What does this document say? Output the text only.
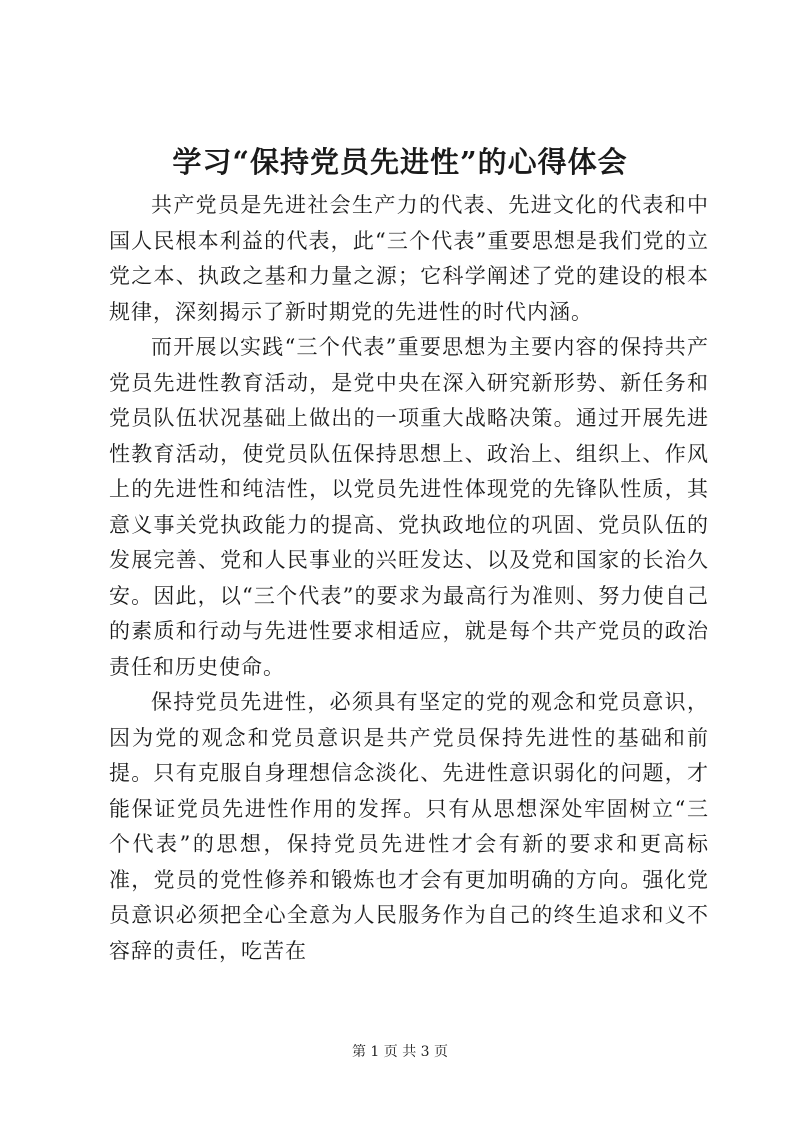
学习“保持党员先进性”的心得体会

共产党员是先进社会生产力的代表、先进文化的代表和中国人民根本利益的代表，此“三个代表”重要思想是我们党的立党之本、执政之基和力量之源；它科学阐述了党的建设的根本规律，深刻揭示了新时期党的先进性的时代内涵。

而开展以实践“三个代表”重要思想为主要内容的保持共产党员先进性教育活动，是党中央在深入研究新形势、新任务和党员队伍状况基础上做出的一项重大战略决策。通过开展先进性教育活动，使党员队伍保持思想上、政治上、组织上、作风上的先进性和纯洁性，以党员先进性体现党的先锋队性质，其意义事关党执政能力的提高、党执政地位的巩固、党员队伍的发展完善、党和人民事业的兴旺发达、以及党和国家的长治久安。因此，以“三个代表”的要求为最高行为准则、努力使自己的素质和行动与先进性要求相适应，就是每个共产党员的政治责任和历史使命。

保持党员先进性，必须具有坚定的党的观念和党员意识，因为党的观念和党员意识是共产党员保持先进性的基础和前提。只有克服自身理想信念淡化、先进性意识弱化的问题，才能保证党员先进性作用的发挥。只有从思想深处牢固树立“三个代表”的思想，保持党员先进性才会有新的要求和更高标准，党员的党性修养和锻炼也才会有更加明确的方向。强化党员意识必须把全心全意为人民服务作为自己的终生追求和义不容辞的责任，吃苦在

第 1 页 共 3 页
